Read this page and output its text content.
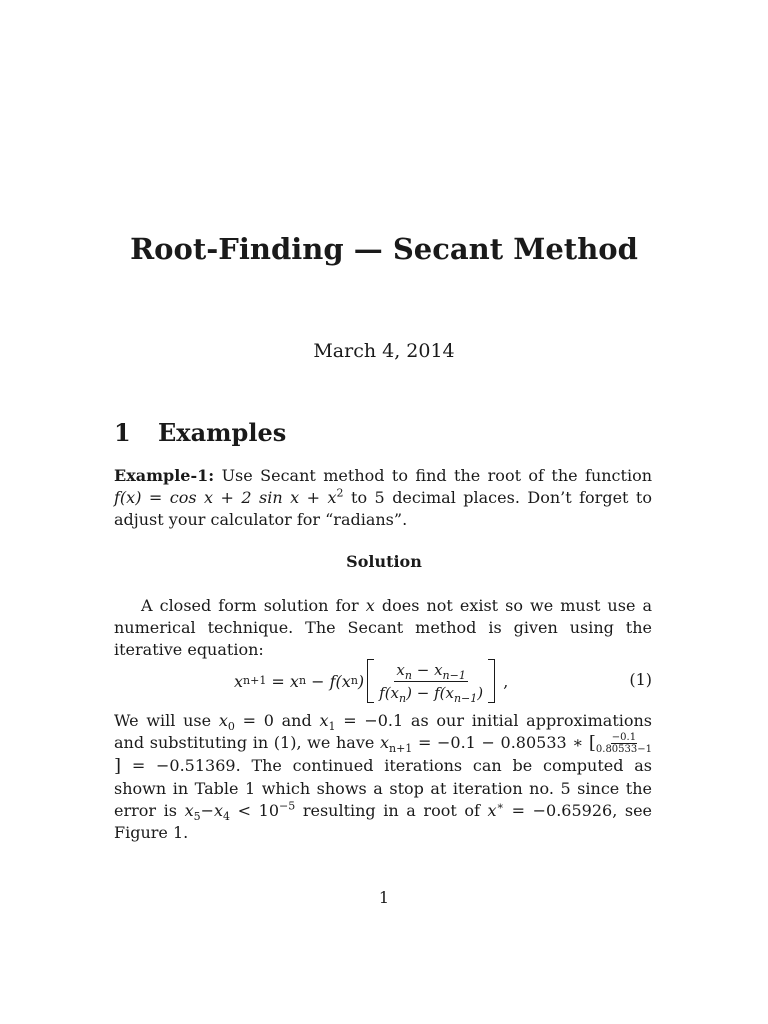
Root-Finding — Secant Method
March 4, 2014
1 Examples
Example-1: Use Secant method to find the root of the function f(x) = cos x + 2 $\sin x + x^2$ to 5 decimal places. Don’t forget to adjust your calculator for “radians”.
Solution
A closed form solution for x does not exist so we must use a numerical technique. The Secant method is given using the iterative equation:
x n+1 = x n − f(x n ) $\frac{x_n - x_{n-1}}{f(x_n) - f(x_{n-1})}$ ,	(1)
We will use $x_0 = 0$ and $x_1 = -0.1$ as our initial approximations and substituting in (1), we have $x_{n+1} = -0.1 - 0.80533$ ∗ [ $\frac{-0.1}{0.80533-1}$
] = −0.51369. The continued iterations can be computed as shown in Table 1 which shows a stop at iteration no. 5 since the error is $x_5-x_4 < 10^{-5}$ resulting in a root of x∗ = −0.65926, see Figure 1.
1
